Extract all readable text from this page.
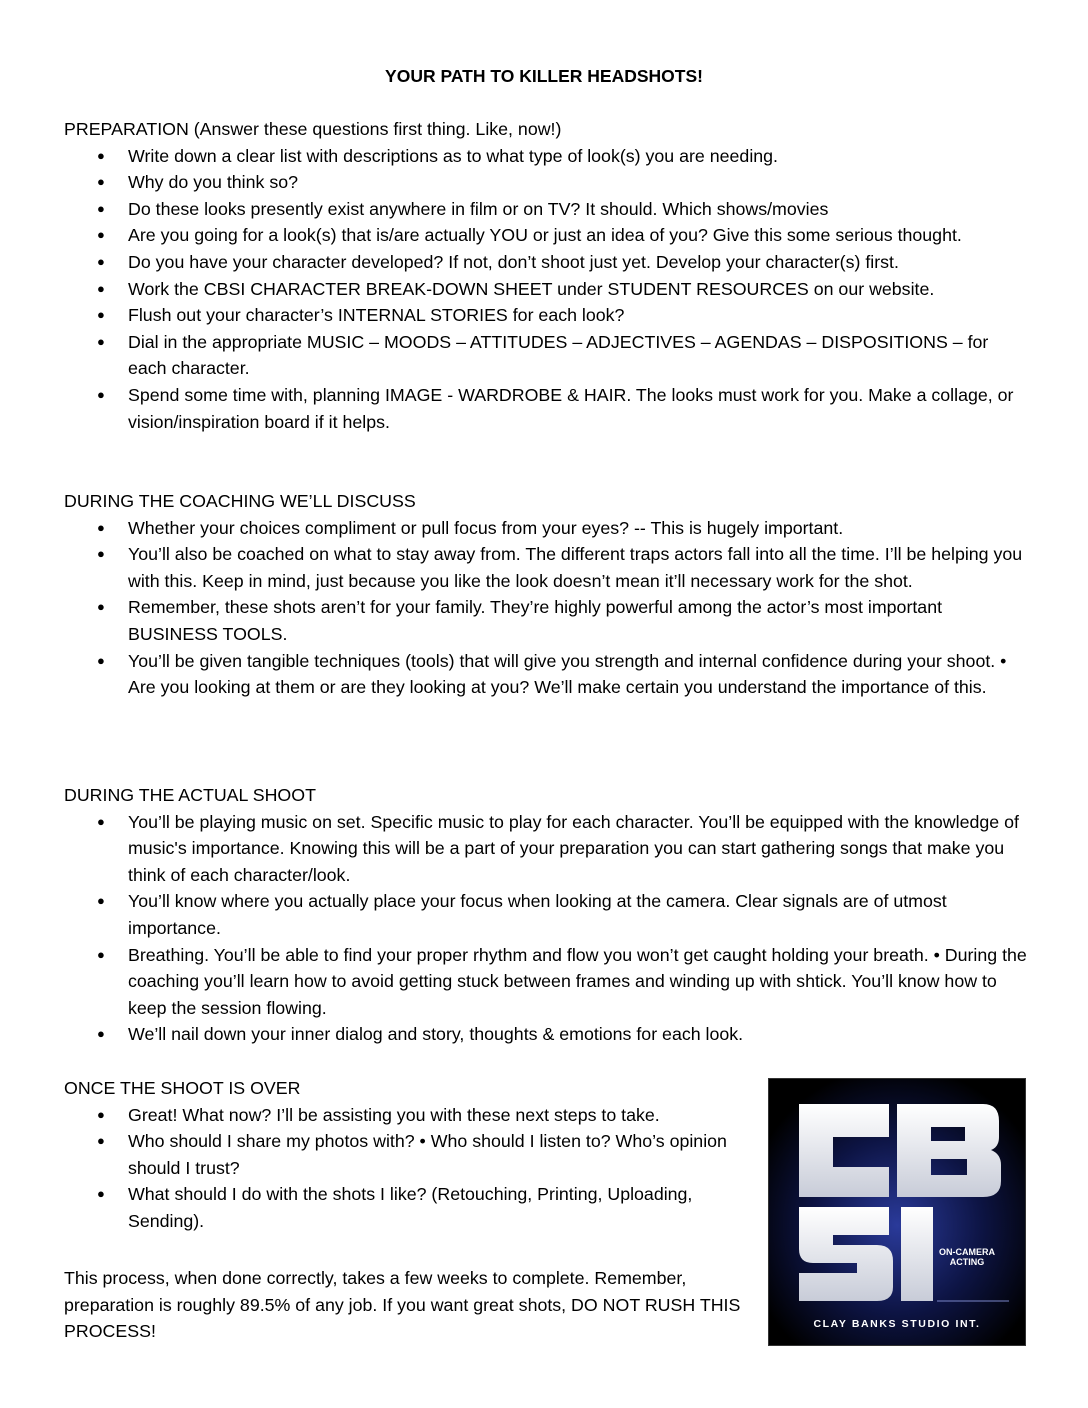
YOUR PATH TO KILLER HEADSHOTS!

PREPARATION (Answer these questions first thing. Like, now!)

● Write down a clear list with descriptions as to what type of look(s) you are needing.
● Why do you think so?
● Do these looks presently exist anywhere in film or on TV? It should. Which shows/movies
● Are you going for a look(s) that is/are actually YOU or just an idea of you? Give this some serious thought.
● Do you have your character developed? If not, don’t shoot just yet. Develop your character(s) first.
● Work the CBSI CHARACTER BREAK-DOWN SHEET under STUDENT RESOURCES on our website.
● Flush out your character’s INTERNAL STORIES for each look?
● Dial in the appropriate MUSIC – MOODS – ATTITUDES – ADJECTIVES – AGENDAS – DISPOSITIONS – for each character.
● Spend some time with, planning IMAGE - WARDROBE & HAIR. The looks must work for you. Make a collage, or vision/inspiration board if it helps.

DURING THE COACHING WE’LL DISCUSS

● Whether your choices compliment or pull focus from your eyes? -- This is hugely important.
● You’ll also be coached on what to stay away from. The different traps actors fall into all the time. I’ll be helping you with this. Keep in mind, just because you like the look doesn’t mean it’ll necessary work for the shot.
● Remember, these shots aren’t for your family. They’re highly powerful among the actor’s most important BUSINESS TOOLS.
● You’ll be given tangible techniques (tools) that will give you strength and internal confidence during your shoot. • Are you looking at them or are they looking at you? We’ll make certain you understand the importance of this.

DURING THE ACTUAL SHOOT

● You’ll be playing music on set. Specific music to play for each character. You’ll be equipped with the knowledge of music's importance. Knowing this will be a part of your preparation you can start gathering songs that make you think of each character/look.
● You’ll know where you actually place your focus when looking at the camera. Clear signals are of utmost importance.
● Breathing. You’ll be able to find your proper rhythm and flow you won’t get caught holding your breath. • During the coaching you’ll learn how to avoid getting stuck between frames and winding up with shtick. You’ll know how to keep the session flowing.
● We’ll nail down your inner dialog and story, thoughts & emotions for each look.

ONCE THE SHOOT IS OVER

● Great! What now? I’ll be assisting you with these next steps to take.
● Who should I share my photos with? • Who should I listen to? Who’s opinion should I trust?
● What should I do with the shots I like? (Retouching, Printing, Uploading, Sending).

This process, when done correctly, takes a few weeks to complete. Remember, preparation is roughly 89.5% of any job. If you want great shots, DO NOT RUSH THIS PROCESS!

ON-CAMERA
ACTING
CLAY BANKS STUDIO INT.
